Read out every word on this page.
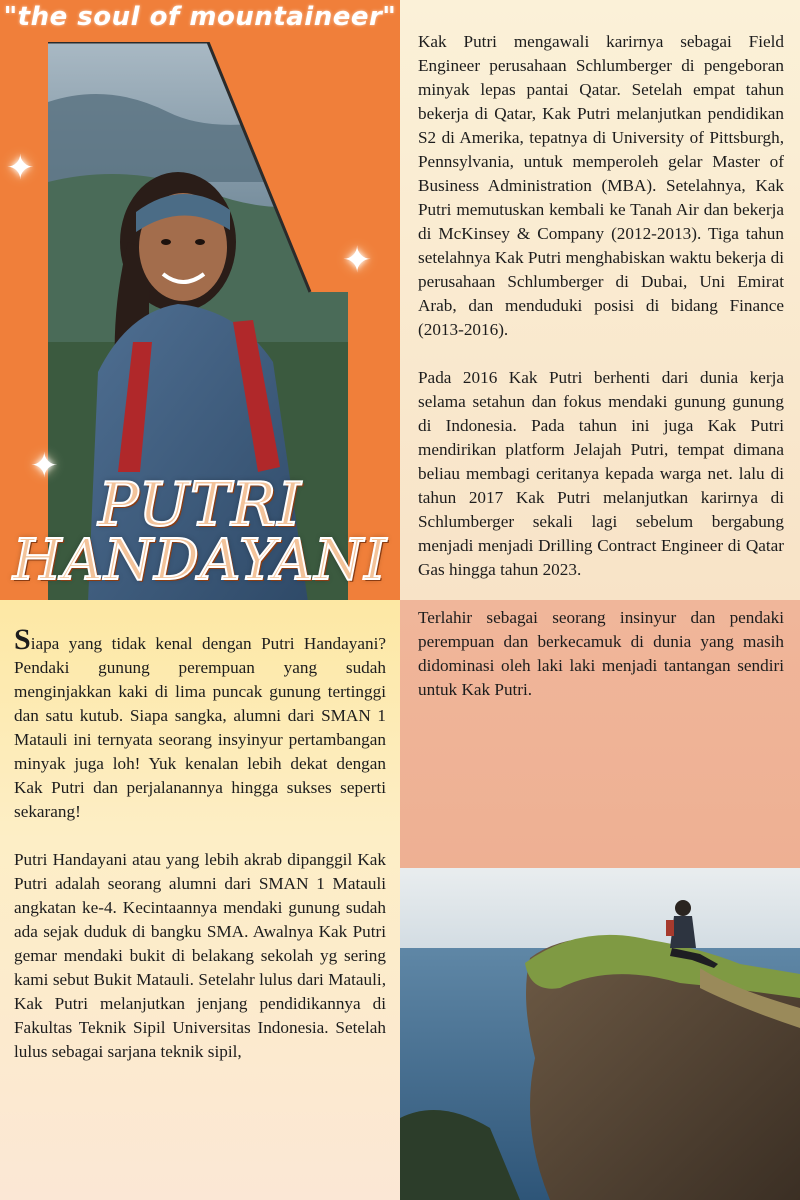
"the soul of mountaineer"
✦
✦
✦
PUTRI
HANDAYANI

Kak Putri mengawali karirnya sebagai Field Engineer perusahaan Schlumberger di pengeboran minyak lepas pantai Qatar. Setelah empat tahun bekerja di Qatar, Kak Putri melanjutkan pendidikan S2 di Amerika, tepatnya di University of Pittsburgh, Pennsylvania, untuk memperoleh gelar Master of Business Administration (MBA). Setelahnya, Kak Putri memutuskan kembali ke Tanah Air dan bekerja di McKinsey & Company (2012-2013). Tiga tahun setelahnya Kak Putri menghabiskan waktu bekerja di perusahaan Schlumberger di Dubai, Uni Emirat Arab, dan menduduki posisi di bidang Finance (2013-2016).

Pada 2016 Kak Putri berhenti dari dunia kerja selama setahun dan fokus mendaki gunung gunung di Indonesia. Pada tahun ini juga Kak Putri mendirikan platform Jelajah Putri, tempat dimana beliau membagi ceritanya kepada warga net. lalu di tahun 2017 Kak Putri melanjutkan karirnya di Schlumberger sekali lagi sebelum bergabung menjadi menjadi Drilling Contract Engineer di Qatar Gas hingga tahun 2023.

Terlahir sebagai seorang insinyur dan pendaki perempuan dan berkecamuk di dunia yang masih didominasi oleh laki laki menjadi tantangan sendiri untuk Kak Putri.

Siapa yang tidak kenal dengan Putri Handayani? Pendaki gunung perempuan yang sudah menginjakkan kaki di lima puncak gunung tertinggi dan satu kutub. Siapa sangka, alumni dari SMAN 1 Matauli ini ternyata seorang insyinyur pertambangan minyak juga loh! Yuk kenalan lebih dekat dengan Kak Putri dan perjalanannya hingga sukses seperti sekarang!

Putri Handayani atau yang lebih akrab dipanggil Kak Putri adalah seorang alumni dari SMAN 1 Matauli angkatan ke-4. Kecintaannya mendaki gunung sudah ada sejak duduk di bangku SMA. Awalnya Kak Putri gemar mendaki bukit di belakang sekolah yg sering kami sebut Bukit Matauli. Setelahr lulus dari Matauli, Kak Putri melanjutkan jenjang pendidikannya di Fakultas Teknik Sipil Universitas Indonesia. Setelah lulus sebagai sarjana teknik sipil,
